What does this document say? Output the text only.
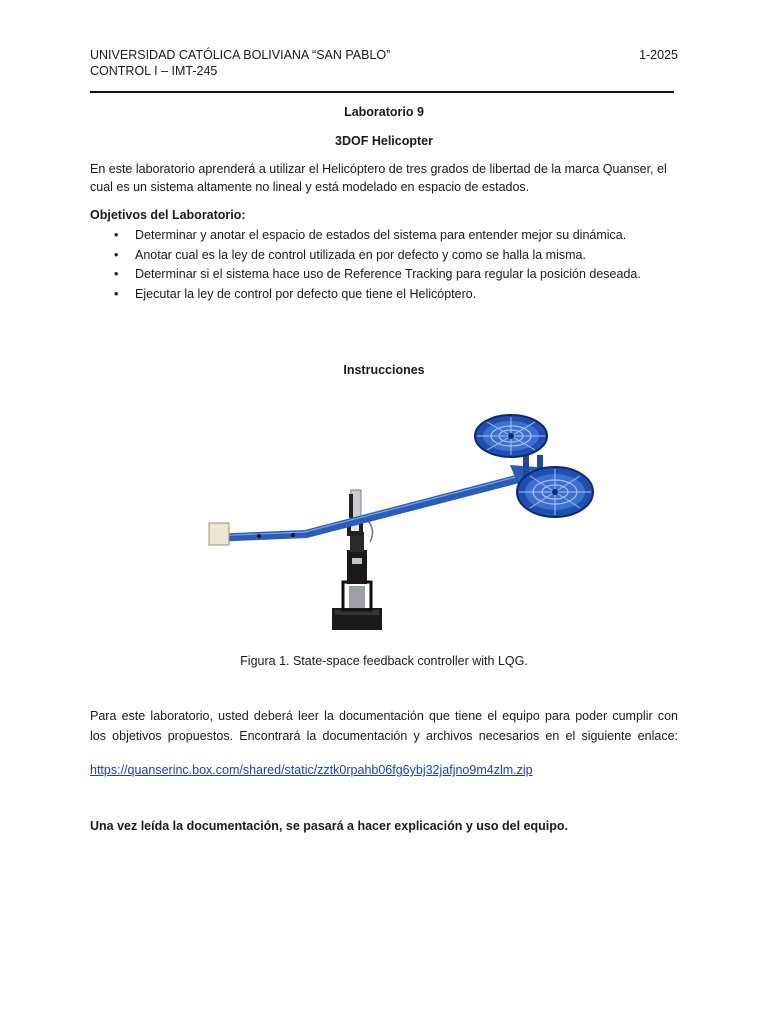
UNIVERSIDAD CATÓLICA BOLIVIANA “SAN PABLO”
CONTROL I – IMT-245
1-2025
Laboratorio 9
3DOF Helicopter
En este laboratorio aprenderá a utilizar el Helicóptero de tres grados de libertad de la marca Quanser, el cual es un sistema altamente no lineal y está modelado en espacio de estados.
Objetivos del Laboratorio:
• Determinar y anotar el espacio de estados del sistema para entender mejor su dinámica.
• Anotar cual es la ley de control utilizada en por defecto y como se halla la misma.
• Determinar si el sistema hace uso de Reference Tracking para regular la posición deseada.
• Ejecutar la ley de control por defecto que tiene el Helicóptero.
Instrucciones
Figura 1. State-space feedback controller with LQG.
Para este laboratorio, usted deberá leer la documentación que tiene el equipo para poder cumplir con
los objetivos propuestos. Encontrará la documentación y archivos necesarios en el siguiente enlace:
https://quanserinc.box.com/shared/static/zztk0rpahb06fg6ybj32jafjno9m4zlm.zip
Una vez leída la documentación, se pasará a hacer explicación y uso del equipo.
